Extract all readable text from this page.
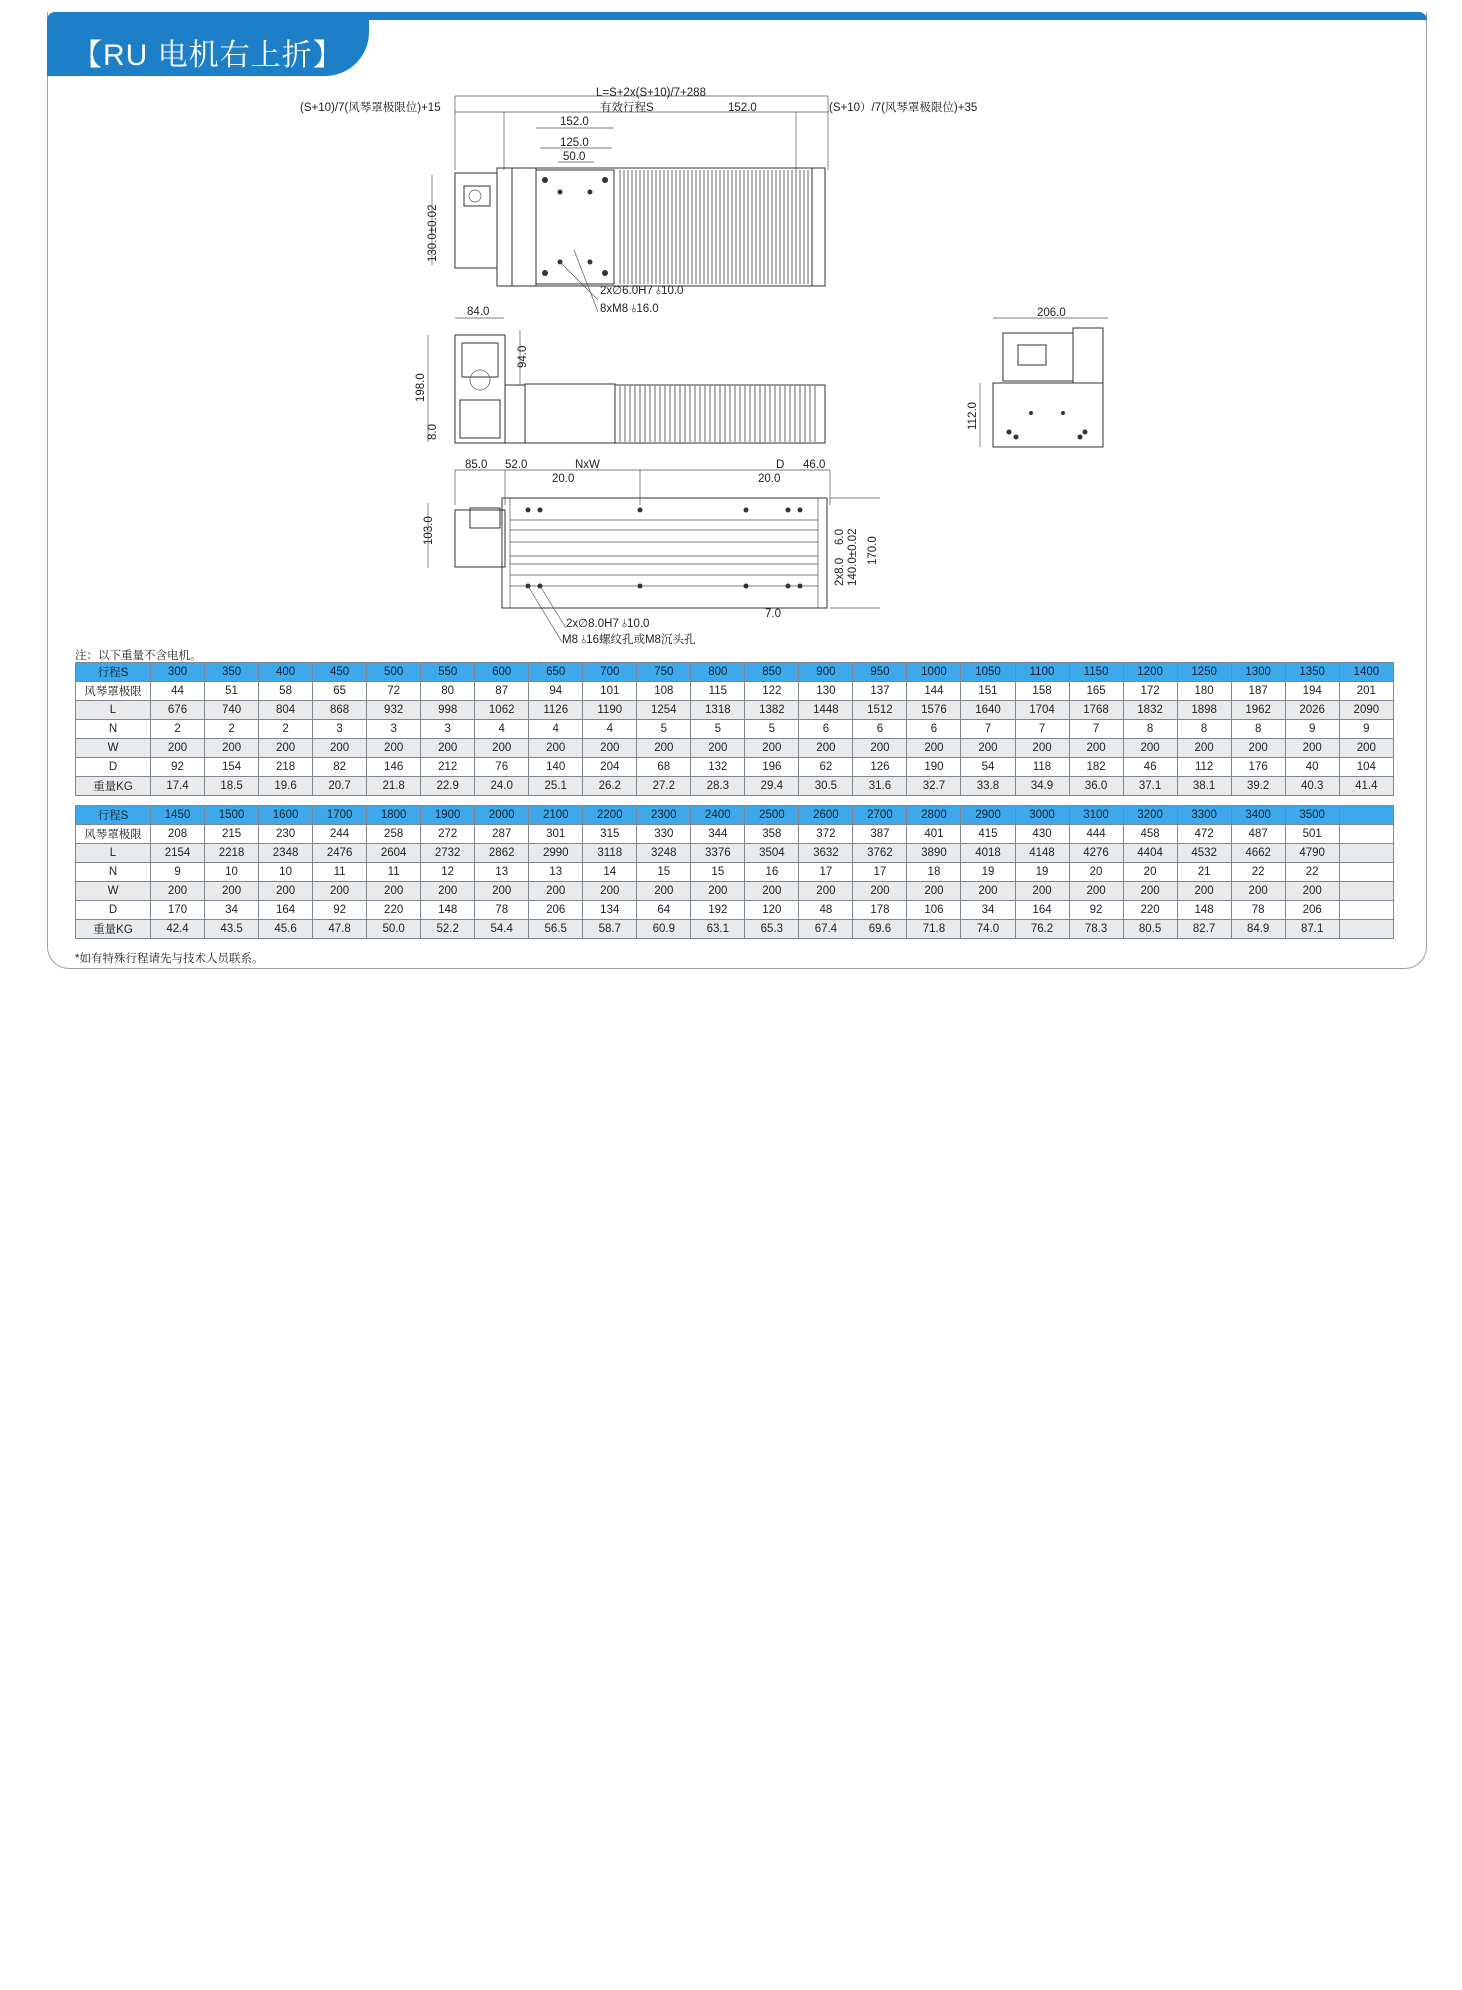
【RU 电机右上折】
L=S+2x(S+10)/7+288
(S+10)/7(风琴罩极限位)+15	(S+10）/7(风琴罩极限位)+35
有效行程S
152.0
152.0
125.0
50.0
130.0±0.02
2x∅6.0H7 ⫰10.0
8xM8 ⫰16.0
84.0
94.0
198.0
8.0
206.0
112.0
85.0 52.0
20.0
NxW	D 46.0
20.0
103.0
2x8.0
6.0 140.0±0.02 170.0
7.0
2x∅8.0H7 ⫰10.0
M8 ⫰16螺纹孔或M8沉头孔
注：以下重量不含电机。
行程S	300	350	400	450	500	550	600	650	700	750	800	850	900	950	1000	1050	1100	1150	1200	1250	1300	1350	1400
风琴罩极限	44	51	58	65	72	80	87	94	101	108	115	122	130	137	144	151	158	165	172	180	187	194	201
L	676	740	804	868	932	998	1062	1126	1190	1254	1318	1382	1448	1512	1576	1640	1704	1768	1832	1898	1962	2026	2090
N	2	2	2	3	3	3	4	4	4	5	5	5	6	6	6	7	7	7	8	8	8	9	9
W	200	200	200	200	200	200	200	200	200	200	200	200	200	200	200	200	200	200	200	200	200	200	200
D	92	154	218	82	146	212	76	140	204	68	132	196	62	126	190	54	118	182	46	112	176	40	104
重量KG	17.4	18.5	19.6	20.7	21.8	22.9	24.0	25.1	26.2	27.2	28.3	29.4	30.5	31.6	32.7	33.8	34.9	36.0	37.1	38.1	39.2	40.3	41.4
行程S	1450	1500	1600	1700	1800	1900	2000	2100	2200	2300	2400	2500	2600	2700	2800	2900	3000	3100	3200	3300	3400	3500	
风琴罩极限	208	215	230	244	258	272	287	301	315	330	344	358	372	387	401	415	430	444	458	472	487	501	
L	2154	2218	2348	2476	2604	2732	2862	2990	3118	3248	3376	3504	3632	3762	3890	4018	4148	4276	4404	4532	4662	4790	
N	9	10	10	11	11	12	13	13	14	15	15	16	17	17	18	19	19	20	20	21	22	22	
W	200	200	200	200	200	200	200	200	200	200	200	200	200	200	200	200	200	200	200	200	200	200	
D	170	34	164	92	220	148	78	206	134	64	192	120	48	178	106	34	164	92	220	148	78	206	
重量KG	42.4	43.5	45.6	47.8	50.0	52.2	54.4	56.5	58.7	60.9	63.1	65.3	67.4	69.6	71.8	74.0	76.2	78.3	80.5	82.7	84.9	87.1	
*如有特殊行程请先与技术人员联系。
